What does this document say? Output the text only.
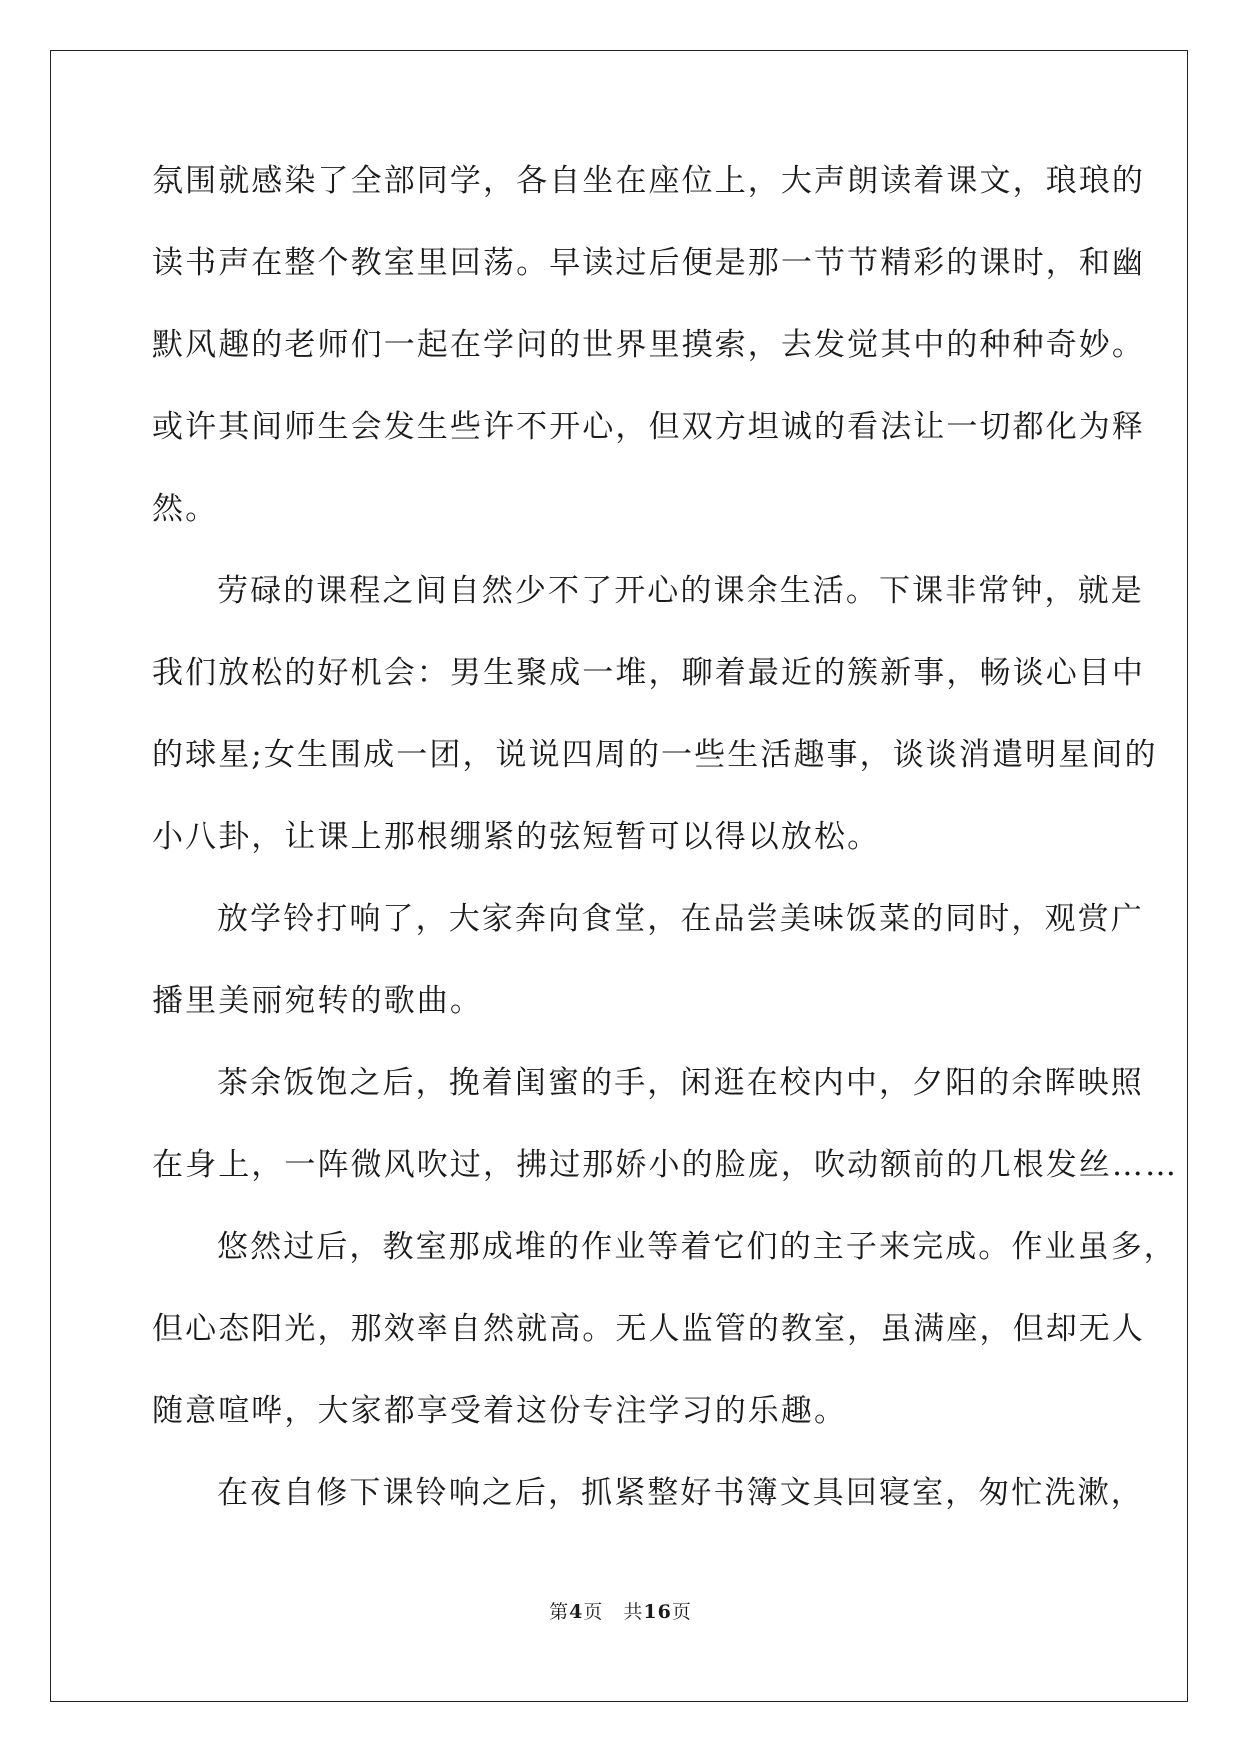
氛围就感染了全部同学，各自坐在座位上，大声朗读着课文，琅琅的
读书声在整个教室里回荡。早读过后便是那一节节精彩的课时，和幽
默风趣的老师们一起在学问的世界里摸索，去发觉其中的种种奇妙。
或许其间师生会发生些许不开心，但双方坦诚的看法让一切都化为释
然。
劳碌的课程之间自然少不了开心的课余生活。下课非常钟，就是
我们放松的好机会：男生聚成一堆，聊着最近的簇新事，畅谈心目中
的球星;女生围成一团，说说四周的一些生活趣事，谈谈消遣明星间的
小八卦，让课上那根绷紧的弦短暂可以得以放松。
放学铃打响了，大家奔向食堂，在品尝美味饭菜的同时，观赏广
播里美丽宛转的歌曲。
茶余饭饱之后，挽着闺蜜的手，闲逛在校内中，夕阳的余晖映照
在身上，一阵微风吹过，拂过那娇小的脸庞，吹动额前的几根发丝……
悠然过后，教室那成堆的作业等着它们的主子来完成。作业虽多，
但心态阳光，那效率自然就高。无人监管的教室，虽满座，但却无人
随意喧哗，大家都享受着这份专注学习的乐趣。
在夜自修下课铃响之后，抓紧整好书簿文具回寝室，匆忙洗漱，
第4页 共16页
